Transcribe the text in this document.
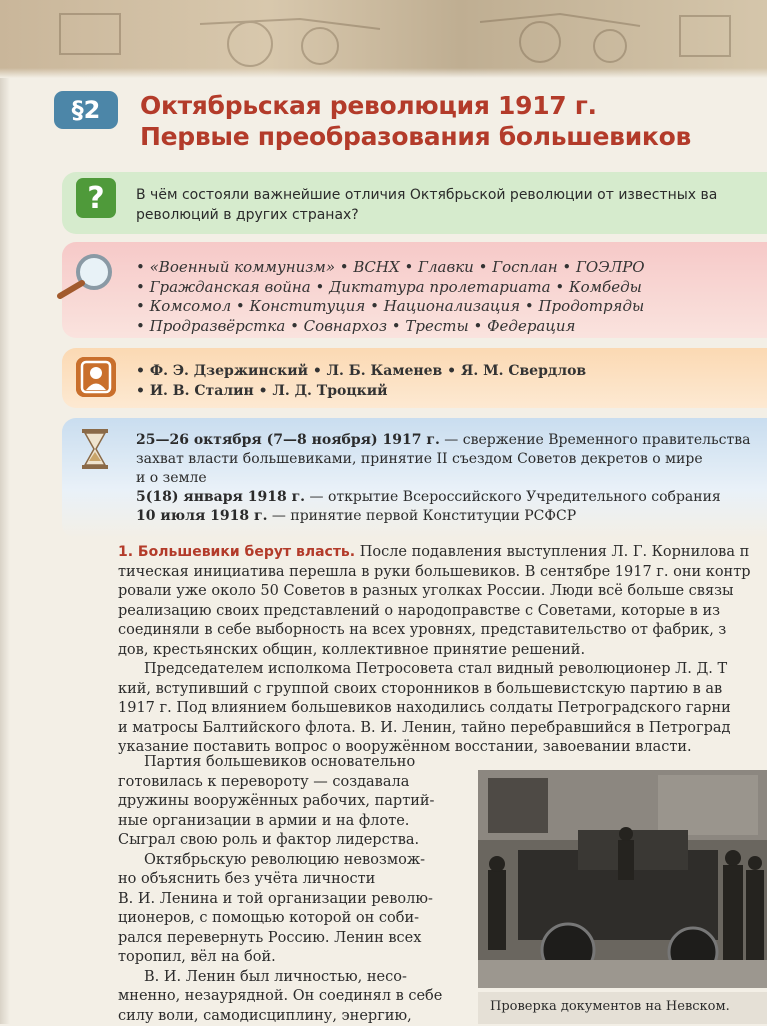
§2	Октябрьская революция 1917 г.
Первые преобразования большевиков
?	В чём состояли важнейшие отличия Октябрьской революции от известных ва
революций в других странах?
• «Военный коммунизм» • ВСНХ • Главки • Госплан • ГОЭЛРО
• Гражданская война • Диктатура пролетариата • Комбеды
• Комсомол • Конституция • Национализация • Продотряды
• Продразвёрстка • Совнархоз • Тресты • Федерация
• Ф. Э. Дзержинский • Л. Б. Каменев • Я. М. Свердлов
• И. В. Сталин • Л. Д. Троцкий
25—26 октября (7—8 ноября) 1917 г. — свержение Временного правительства
захват власти большевиками, принятие II съездом Советов декретов о мире
и о земле
5(18) января 1918 г. — открытие Всероссийского Учредительного собрания
10 июля 1918 г. — принятие первой Конституции РСФСР
1. Большевики берут власть. После подавления выступления Л. Г. Корнилова п
тическая инициатива перешла в руки большевиков. В сентябре 1917 г. они контр
ровали уже около 50 Советов в разных уголках России. Люди всё больше связы
реализацию своих представлений о народоправстве с Советами, которые в из
соединяли в себе выборность на всех уровнях, представительство от фабрик, з
дов, крестьянских общин, коллективное принятие решений.
Председателем исполкома Петросовета стал видный революционер Л. Д. Т
кий, вступивший с группой своих сторонников в большевистскую партию в ав
1917 г. Под влиянием большевиков находились солдаты Петроградского гарни
и матросы Балтийского флота. В. И. Ленин, тайно перебравшийся в Петроград
указание поставить вопрос о вооружённом восстании, завоевании власти.
Партия большевиков основательно
готовилась к перевороту — создавала
дружины вооружённых рабочих, партий-
ные организации в армии и на флоте.
Сыграл свою роль и фактор лидерства.
Октябрьскую революцию невозмож-
но объяснить без учёта личности
В. И. Ленина и той организации револю-
ционеров, с помощью которой он соби-
рался перевернуть Россию. Ленин всех
торопил, вёл на бой.
В. И. Ленин был личностью, несо-
мненно, незаурядной. Он соединял в себе
силу воли, самодисциплину, энергию,
Проверка документов на Невском.
